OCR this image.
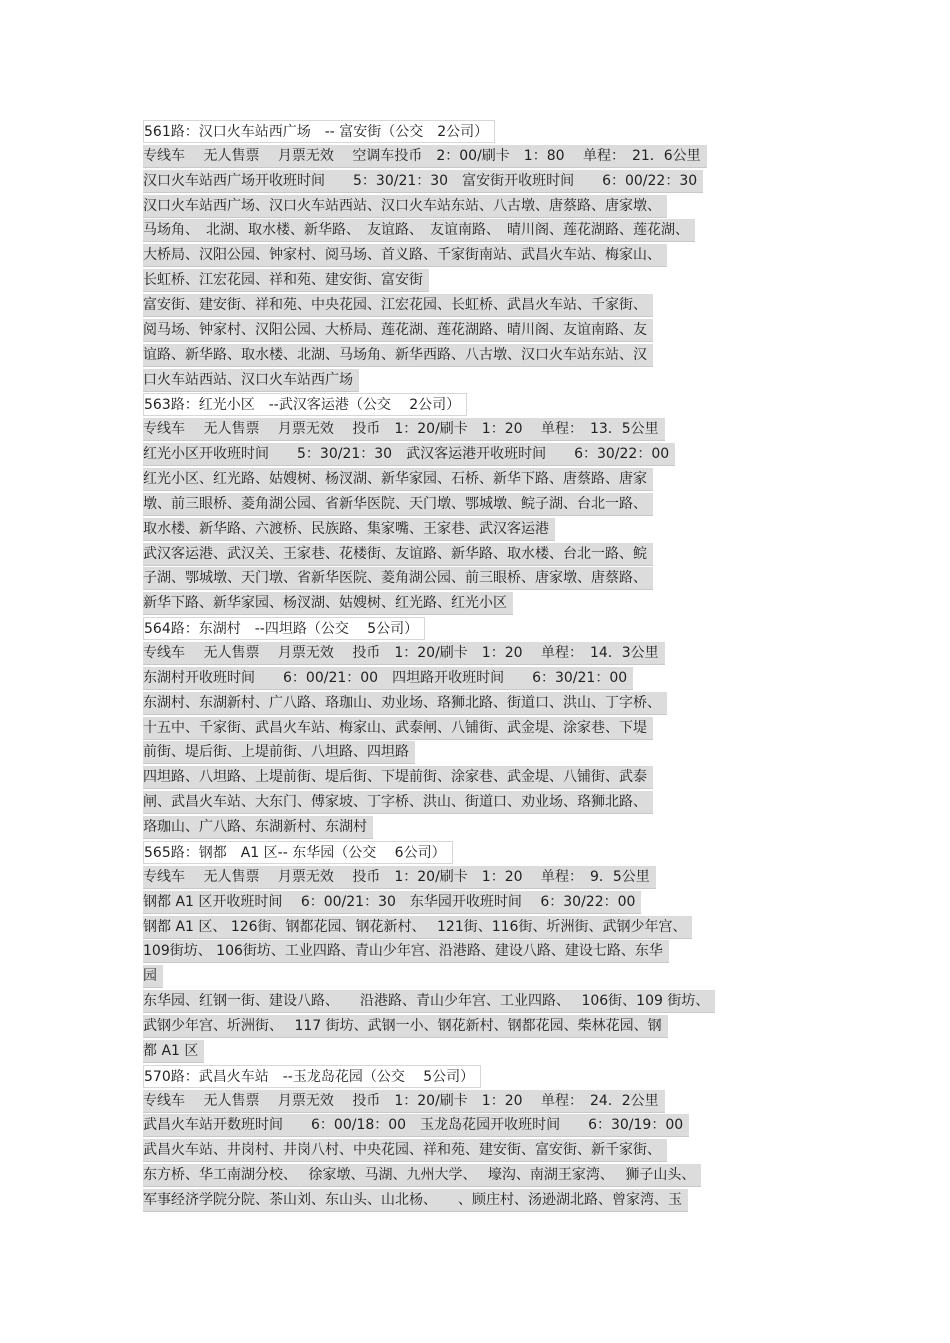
561路：汉口火车站西广场　-- 富安街（公交　2公司）
专线车　 无人售票　 月票无效　 空调车投币　2：00/刷卡　1：80　 单程：　21．6公里
汉口火车站西广场开收班时间　　5：30/21：30　富安街开收班时间　　6：00/22：30
汉口火车站西广场、汉口火车站西站、汉口火车站东站、八古墩、唐蔡路、唐家墩、
马场角、　北湖、取水楼、新华路、　友谊路、　友谊南路、　晴川阁、莲花湖路、莲花湖、
大桥局、汉阳公园、钟家村、阅马场、首义路、千家街南站、武昌火车站、梅家山、
长虹桥、江宏花园、祥和苑、建安街、富安街
富安街、建安街、祥和苑、中央花园、江宏花园、长虹桥、武昌火车站、千家街、
阅马场、钟家村、汉阳公园、大桥局、莲花湖、莲花湖路、晴川阁、友谊南路、友
谊路、新华路、取水楼、北湖、马场角、新华西路、八古墩、汉口火车站东站、汉
口火车站西站、汉口火车站西广场
563路：红光小区　--武汉客运港（公交　 2公司）
专线车　 无人售票　 月票无效　 投币　1：20/刷卡　1：20　 单程：　13．5公里
红光小区开收班时间　　5：30/21：30　武汉客运港开收班时间　　6：30/22：00
红光小区、红光路、姑嫂树、杨汊湖、新华家园、石桥、新华下路、唐蔡路、唐家
墩、前三眼桥、菱角湖公园、省新华医院、天门墩、鄂城墩、鲩子湖、台北一路、
取水楼、新华路、六渡桥、民族路、集家嘴、王家巷、武汉客运港
武汉客运港、武汉关、王家巷、花楼街、友谊路、新华路、取水楼、台北一路、鲩
子湖、鄂城墩、天门墩、省新华医院、菱角湖公园、前三眼桥、唐家墩、唐蔡路、
新华下路、新华家园、杨汊湖、姑嫂树、红光路、红光小区
564路：东湖村　--四坦路（公交　 5公司）
专线车　 无人售票　 月票无效　 投币　1：20/刷卡　1：20　 单程：　14．3公里
东湖村开收班时间　　6：00/21：00　四坦路开收班时间　　6：30/21：00
东湖村、东湖新村、广八路、珞珈山、劝业场、珞狮北路、街道口、洪山、丁字桥、
十五中、千家街、武昌火车站、梅家山、武泰闸、八铺街、武金堤、涂家巷、下堤
前街、堤后街、上堤前街、八坦路、四坦路
四坦路、八坦路、上堤前街、堤后街、下堤前街、涂家巷、武金堤、八铺街、武泰
闸、武昌火车站、大东门、傅家坡、丁字桥、洪山、街道口、劝业场、珞狮北路、
珞珈山、广八路、东湖新村、东湖村
565路：钢都　A1 区-- 东华园（公交　 6公司）
专线车　 无人售票　 月票无效　 投币　1：20/刷卡　1：20　 单程：　9．5公里
钢都 A1 区开收班时间　 6：00/21：30　东华园开收班时间　 6：30/22：00
钢都 A1 区、 126街、钢都花园、钢花新村、　 121街、116街、圻洲街、武钢少年宫、
109街坊、 106街坊、工业四路、青山少年宫、沿港路、建设八路、建设七路、东华
园
东华园、红钢一街、建设八路、　　沿港路、青山少年宫、工业四路、　 106街、109 街坊、
武钢少年宫、圻洲街、　 117 街坊、武钢一小、钢花新村、钢都花园、柴林花园、钢
都 A1 区
570路：武昌火车站　--玉龙岛花园（公交　 5公司）
专线车　 无人售票　 月票无效　 投币　1：20/刷卡　1：20　 单程：　24．2公里
武昌火车站开数班时间　　6：00/18：00　玉龙岛花园开收班时间　　6：30/19：00
武昌火车站、井岗村、井岗八村、中央花园、祥和苑、建安街、富安街、新千家街、
东方桥、华工南湖分校、　 徐家墩、马湖、九州大学、　 壕沟、南湖王家湾、　 狮子山头、
军事经济学院分院、茶山刘、东山头、山北杨、　　、顾庄村、汤逊湖北路、曾家湾、玉
